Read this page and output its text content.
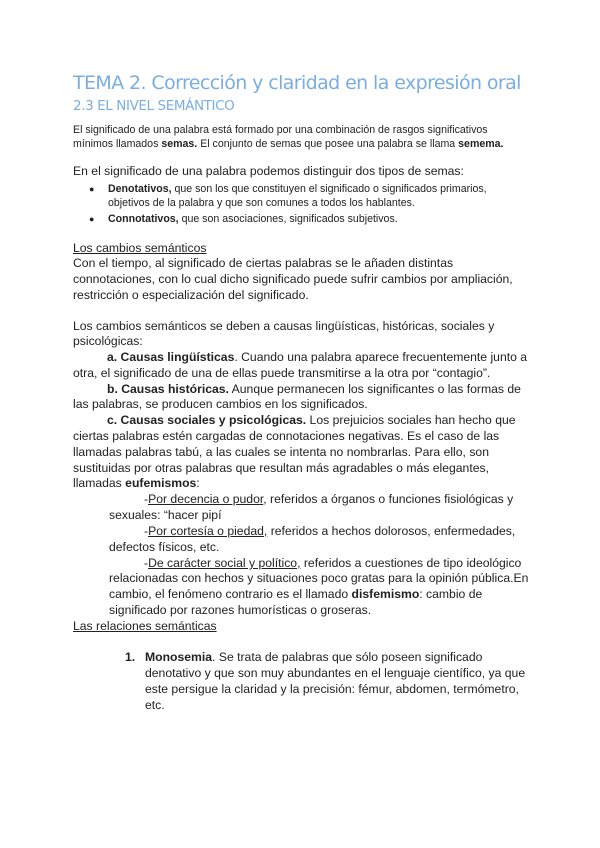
TEMA 2. Corrección y claridad en la expresión oral
2.3 EL NIVEL SEMÁNTICO
El significado de una palabra está formado por una combinación de rasgos significativos
mínimos llamados semas. El conjunto de semas que posee una palabra se llama semema.
En el significado de una palabra podemos distinguir dos tipos de semas:
● Denotativos, que son los que constituyen el significado o significados primarios,
objetivos de la palabra y que son comunes a todos los hablantes.
● Connotativos, que son asociaciones, significados subjetivos.
Los cambios semánticos
Con el tiempo, al significado de ciertas palabras se le añaden distintas
connotaciones, con lo cual dicho significado puede sufrir cambios por ampliación,
restricción o especialización del significado.
Los cambios semánticos se deben a causas lingüísticas, históricas, sociales y
psicológicas:
a. Causas lingüísticas. Cuando una palabra aparece frecuentemente junto a
otra, el significado de una de ellas puede transmitirse a la otra por “contagio”.
b. Causas históricas. Aunque permanecen los significantes o las formas de
las palabras, se producen cambios en los significados.
c. Causas sociales y psicológicas. Los prejuicios sociales han hecho que
ciertas palabras estén cargadas de connotaciones negativas. Es el caso de las
llamadas palabras tabú, a las cuales se intenta no nombrarlas. Para ello, son
sustituidas por otras palabras que resultan más agradables o más elegantes,
llamadas eufemismos:
-Por decencia o pudor, referidos a órganos o funciones fisiológicas y
sexuales: “hacer pipí
-Por cortesía o piedad, referidos a hechos dolorosos, enfermedades,
defectos físicos, etc.
-De carácter social y político, referidos a cuestiones de tipo ideológico
relacionadas con hechos y situaciones poco gratas para la opinión pública.En
cambio, el fenómeno contrario es el llamado disfemismo: cambio de
significado por razones humorísticas o groseras.
Las relaciones semánticas
1. Monosemia. Se trata de palabras que sólo poseen significado
denotativo y que son muy abundantes en el lenguaje científico, ya que
este persigue la claridad y la precisión: fémur, abdomen, termómetro,
etc.
